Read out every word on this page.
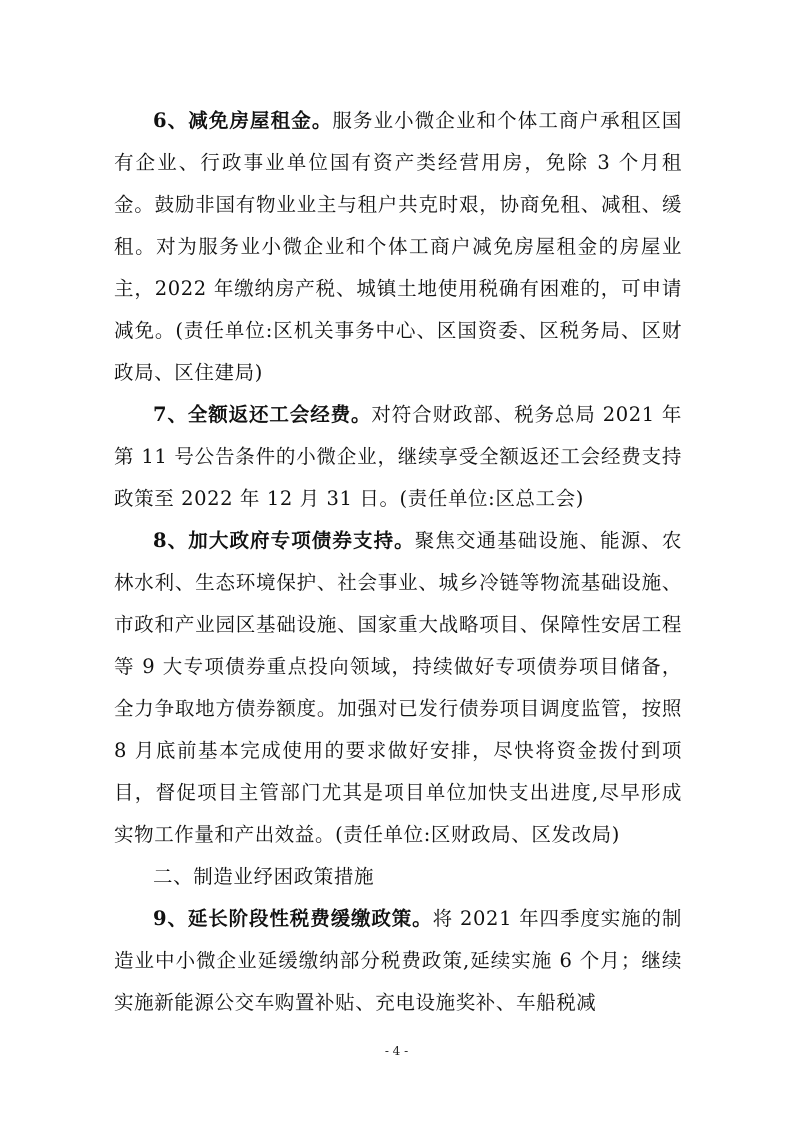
6、减免房屋租金。服务业小微企业和个体工商户承租区国有企业、行政事业单位国有资产类经营用房，免除 3 个月租金。鼓励非国有物业业主与租户共克时艰，协商免租、减租、缓租。对为服务业小微企业和个体工商户减免房屋租金的房屋业主，2022 年缴纳房产税、城镇土地使用税确有困难的，可申请减免。(责任单位:区机关事务中心、区国资委、区税务局、区财政局、区住建局)

7、全额返还工会经费。对符合财政部、税务总局 2021 年第 11 号公告条件的小微企业，继续享受全额返还工会经费支持政策至 2022 年 12 月 31 日。(责任单位:区总工会)

8、加大政府专项债券支持。聚焦交通基础设施、能源、农林水利、生态环境保护、社会事业、城乡冷链等物流基础设施、市政和产业园区基础设施、国家重大战略项目、保障性安居工程等 9 大专项债券重点投向领域，持续做好专项债券项目储备，全力争取地方债券额度。加强对已发行债券项目调度监管，按照 8 月底前基本完成使用的要求做好安排，尽快将资金拨付到项目，督促项目主管部门尤其是项目单位加快支出进度,尽早形成实物工作量和产出效益。(责任单位:区财政局、区发改局)

二、制造业纾困政策措施

9、延长阶段性税费缓缴政策。将 2021 年四季度实施的制造业中小微企业延缓缴纳部分税费政策,延续实施 6 个月；继续实施新能源公交车购置补贴、充电设施奖补、车船税减

- 4 -
